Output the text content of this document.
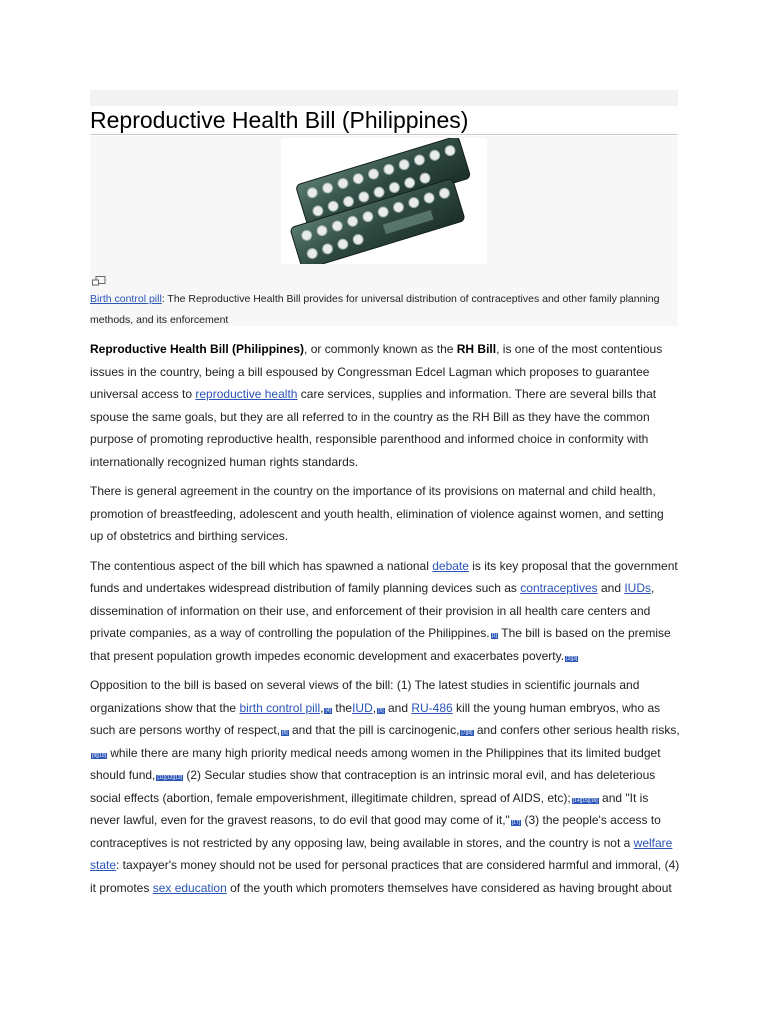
Reproductive Health Bill (Philippines)
Birth control pill: The Reproductive Health Bill provides for universal distribution of contraceptives and other family planning methods, and its enforcement

Reproductive Health Bill (Philippines), or commonly known as the RH Bill, is one of the most contentious issues in the country, being a bill espoused by Congressman Edcel Lagman which proposes to guarantee universal access to reproductive health care services, supplies and information. There are several bills that spouse the same goals, but they are all referred to in the country as the RH Bill as they have the common purpose of promoting reproductive health, responsible parenthood and informed choice in conformity with internationally recognized human rights standards.

There is general agreement in the country on the importance of its provisions on maternal and child health, promotion of breastfeeding, adolescent and youth health, elimination of violence against women, and setting up of obstetrics and birthing services.

The contentious aspect of the bill which has spawned a national debate is its key proposal that the government funds and undertakes widespread distribution of family planning devices such as contraceptives and IUDs, dissemination of information on their use, and enforcement of their provision in all health care centers and private companies, as a way of controlling the population of the Philippines. [1] The bill is based on the premise that present population growth impedes economic development and exacerbates poverty. [2][3]

Opposition to the bill is based on several views of the bill: (1) The latest studies in scientific journals and organizations show that the birth control pill, [4] theIUD, [5] and RU-486 kill the young human embryos, who as such are persons worthy of respect, [6] and that the pill is carcinogenic, [7][8] and confers other serious health risks,[9][10] while there are many high priority medical needs among women in the Philippines that its limited budget should fund, [11][12][13] (2) Secular studies show that contraception is an intrinsic moral evil, and has deleterious social effects (abortion, female empoverishment, illegitimate children, spread of AIDS, etc); [14][15][16] and "It is never lawful, even for the gravest reasons, to do evil that good may come of it," [17] (3) the people's access to contraceptives is not restricted by any opposing law, being available in stores, and the country is not a welfare state: taxpayer's money should not be used for personal practices that are considered harmful and immoral, (4) it promotes sex education of the youth which promoters themselves have considered as having brought about
